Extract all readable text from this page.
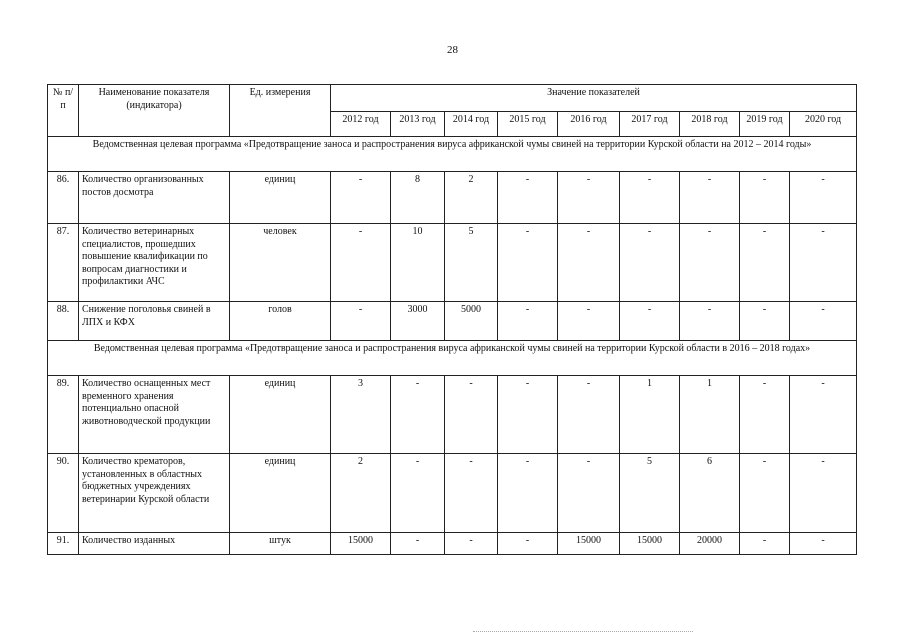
28
№ п/п	Наименование показателя (индикатора)	Ед. измерения	Значение показателей								
			2012 год	2013 год	2014 год	2015 год	2016 год	2017 год	2018 год	2019 год	2020 год
Ведомственная целевая программа «Предотвращение заноса и распространения вируса африканской чумы свиней на территории Курской области на 2012 – 2014 годы»											
86.	Количество организованных постов досмотра	единиц	-	8	2	-	-	-	-	-	-
87.	Количество ветеринарных специалистов, прошедших повышение квалификации по вопросам диагностики и профилактики АЧС	человек	-	10	5	-	-	-	-	-	-
88.	Снижение поголовья свиней в ЛПХ и КФХ	голов	-	3000	5000	-	-	-	-	-	-
Ведомственная целевая программа «Предотвращение заноса и распространения вируса африканской чумы свиней на территории Курской области в 2016 – 2018 годах»											
89.	Количество оснащенных мест временного хранения потенциально опасной животноводческой продукции	единиц	3	-	-	-	-	1	1	-	-
90.	Количество крематоров, установленных в областных бюджетных учреждениях ветеринарии Курской области	единиц	2	-	-	-	-	5	6	-	-
91.	Количество изданных	штук	15000	-	-	-	15000	15000	20000	-	-
